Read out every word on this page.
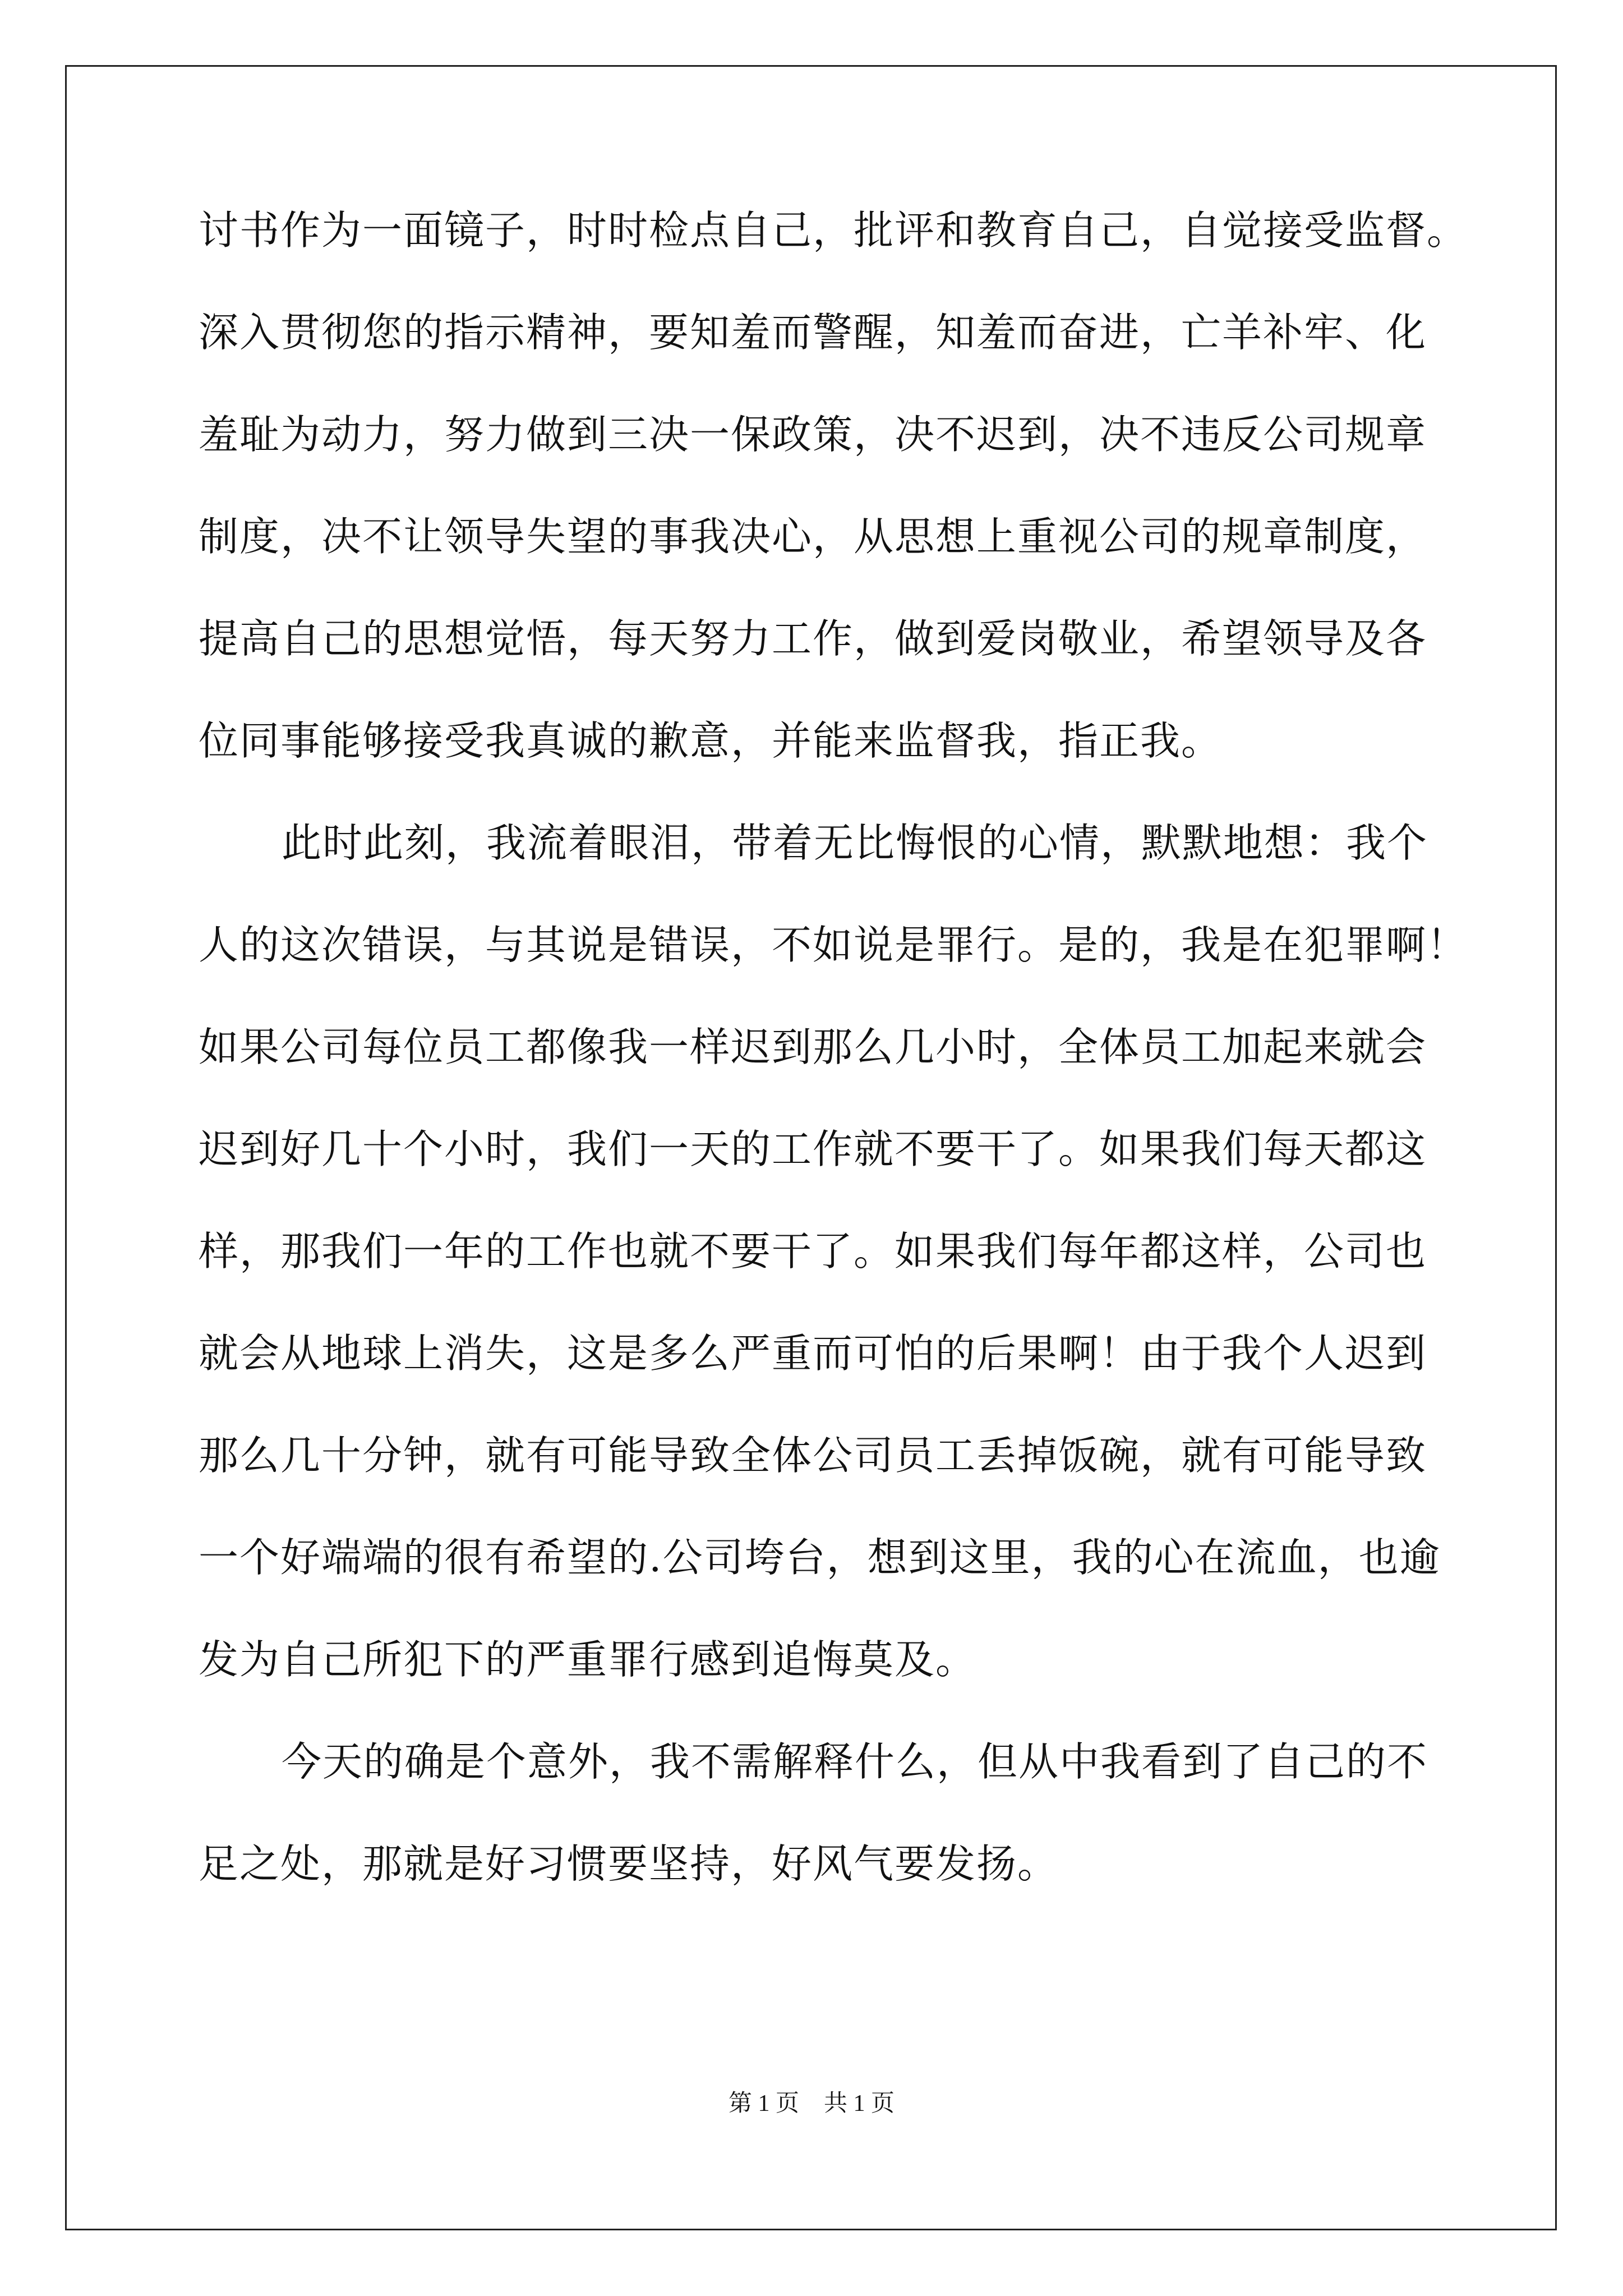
讨书作为一面镜子，时时检点自己，批评和教育自己，自觉接受监督。
深入贯彻您的指示精神，要知羞而警醒，知羞而奋进，亡羊补牢、化
羞耻为动力，努力做到三决一保政策，决不迟到，决不违反公司规章
制度，决不让领导失望的事我决心，从思想上重视公司的规章制度，
提高自己的思想觉悟，每天努力工作，做到爱岗敬业，希望领导及各
位同事能够接受我真诚的歉意，并能来监督我，指正我。
此时此刻，我流着眼泪，带着无比悔恨的心情，默默地想：我个
人的这次错误，与其说是错误，不如说是罪行。是的，我是在犯罪啊！
如果公司每位员工都像我一样迟到那么几小时，全体员工加起来就会
迟到好几十个小时，我们一天的工作就不要干了。如果我们每天都这
样，那我们一年的工作也就不要干了。如果我们每年都这样，公司也
就会从地球上消失，这是多么严重而可怕的后果啊！由于我个人迟到
那么几十分钟，就有可能导致全体公司员工丢掉饭碗，就有可能导致
一个好端端的很有希望的.公司垮台，想到这里，我的心在流血，也逾
发为自己所犯下的严重罪行感到追悔莫及。
今天的确是个意外，我不需解释什么，但从中我看到了自己的不
足之处，那就是好习惯要坚持，好风气要发扬。
第 1 页 共 1 页
